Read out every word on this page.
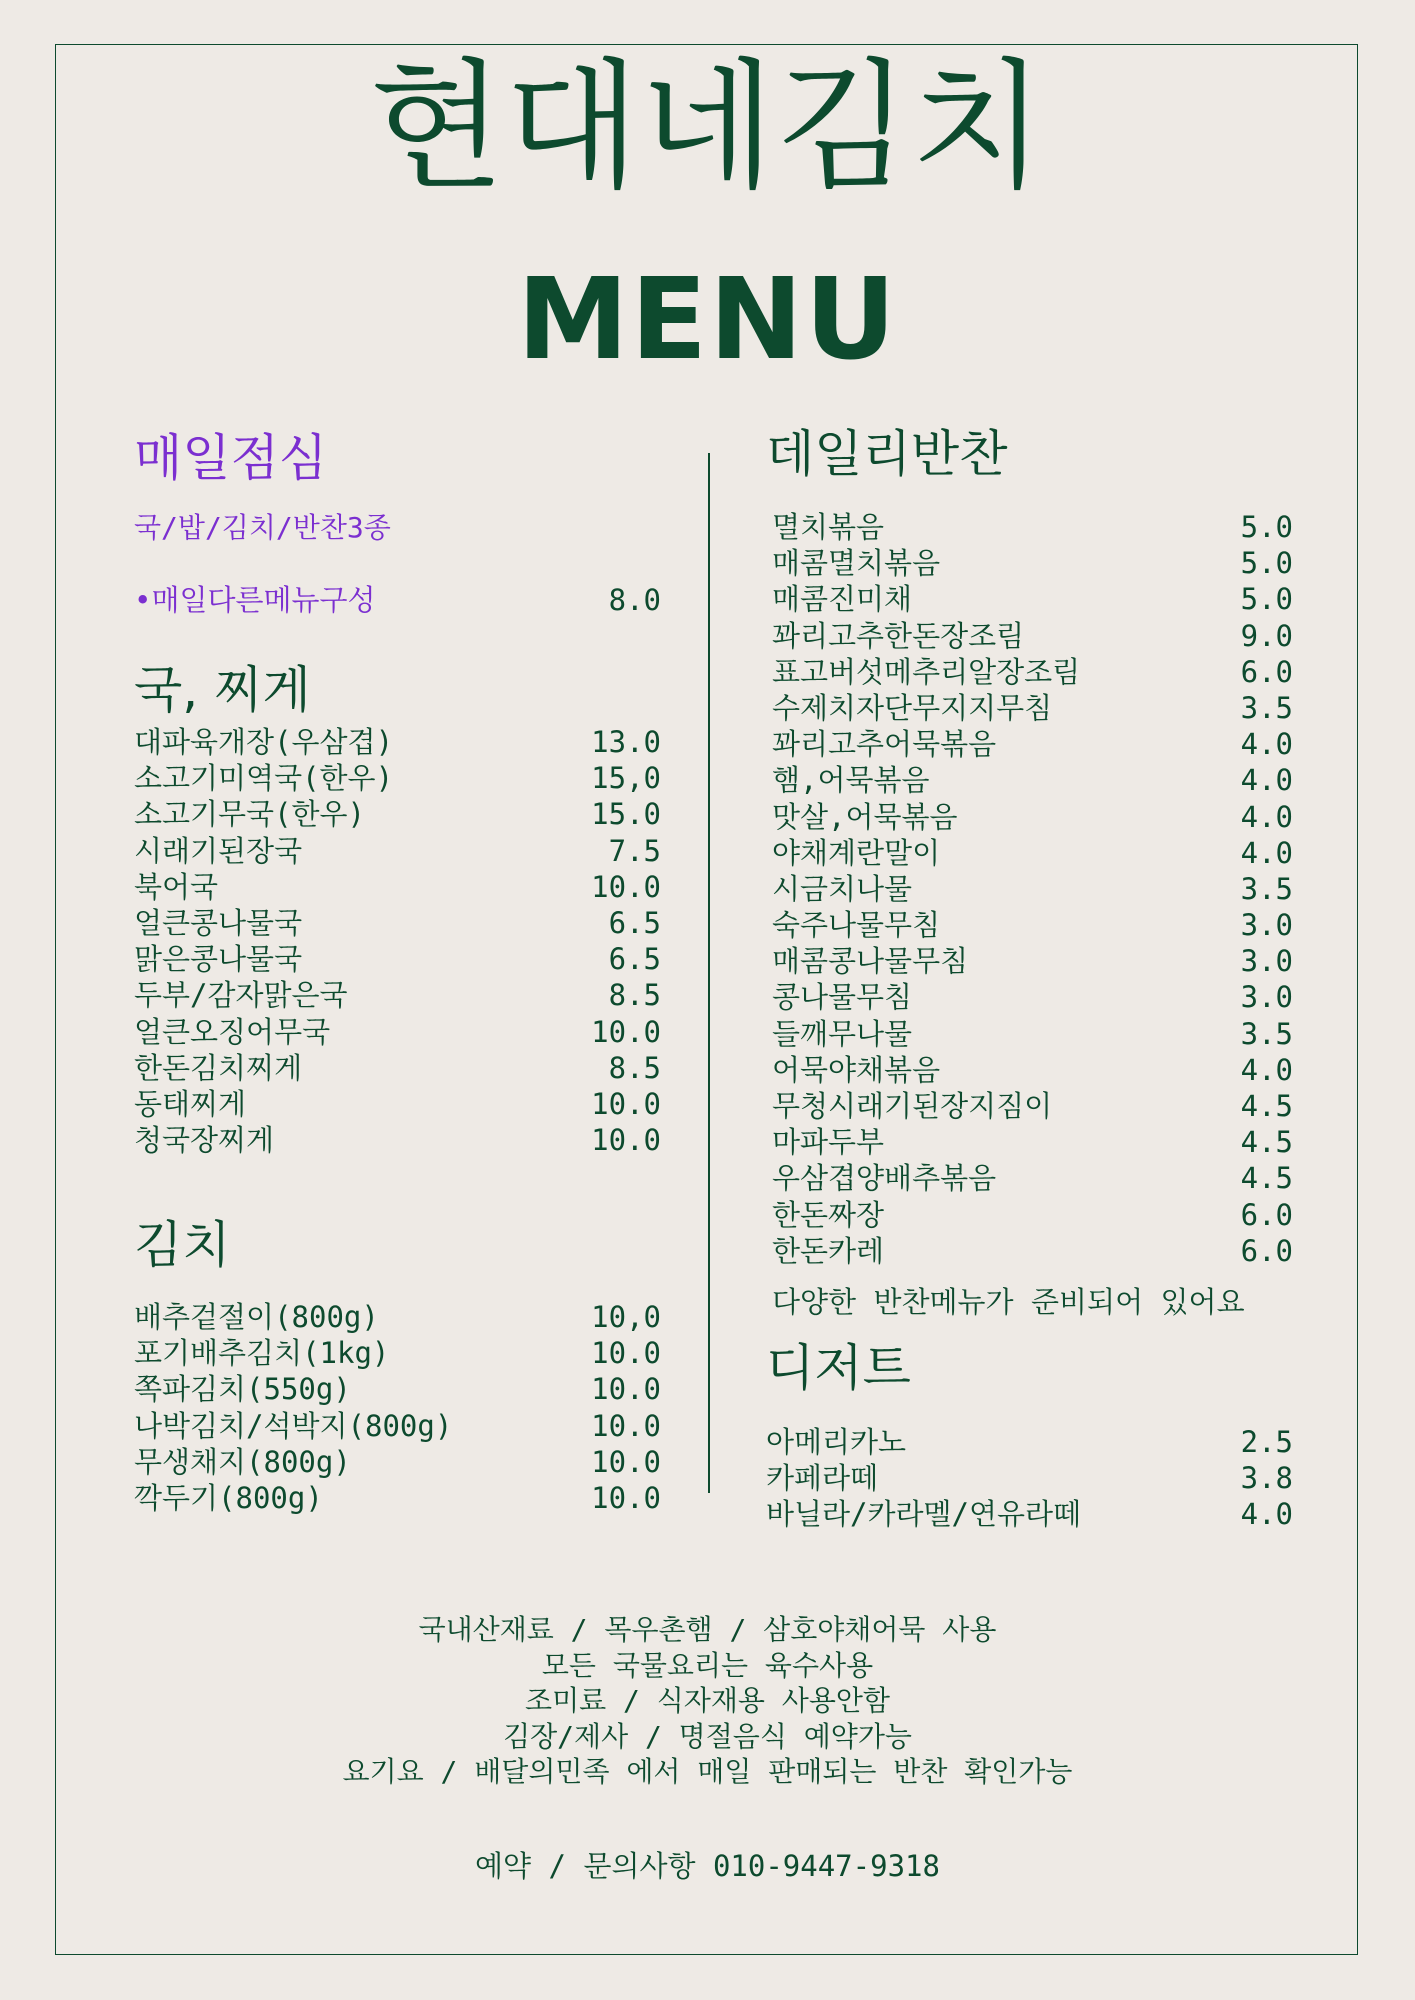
현대네김치
MENU
매일점심
국/밥/김치/반찬3종
•매일다른메뉴구성	8.0
국, 찌게
대파육개장(우삼겹)	13.0
소고기미역국(한우)	15,0
소고기무국(한우)	15.0
시래기된장국	7.5
북어국	10.0
얼큰콩나물국	6.5
맑은콩나물국	6.5
두부/감자맑은국	8.5
얼큰오징어무국	10.0
한돈김치찌게	8.5
동태찌게	10.0
청국장찌게	10.0
김치
배추겉절이(800g)	10,0
포기배추김치(1kg)	10.0
쪽파김치(550g)	10.0
나박김치/석박지(800g)	10.0
무생채지(800g)	10.0
깍두기(800g)	10.0
데일리반찬
멸치볶음	5.0
매콤멸치볶음	5.0
매콤진미채	5.0
꽈리고추한돈장조림	9.0
표고버섯메추리알장조림	6.0
수제치자단무지지무침	3.5
꽈리고추어묵볶음	4.0
햄,어묵볶음	4.0
맛살,어묵볶음	4.0
야채계란말이	4.0
시금치나물	3.5
숙주나물무침	3.0
매콤콩나물무침	3.0
콩나물무침	3.0
들깨무나물	3.5
어묵야채볶음	4.0
무청시래기된장지짐이	4.5
마파두부	4.5
우삼겹양배추볶음	4.5
한돈짜장	6.0
한돈카레	6.0
다양한 반찬메뉴가 준비되어 있어요
디저트
아메리카노	2.5
카페라떼	3.8
바닐라/카라멜/연유라떼	4.0
국내산재료 / 목우촌햄 / 삼호야채어묵 사용
모든 국물요리는 육수사용
조미료 / 식자재용 사용안함
김장/제사 / 명절음식 예약가능
요기요 / 배달의민족 에서 매일 판매되는 반찬 확인가능
예약 / 문의사항 010-9447-9318
